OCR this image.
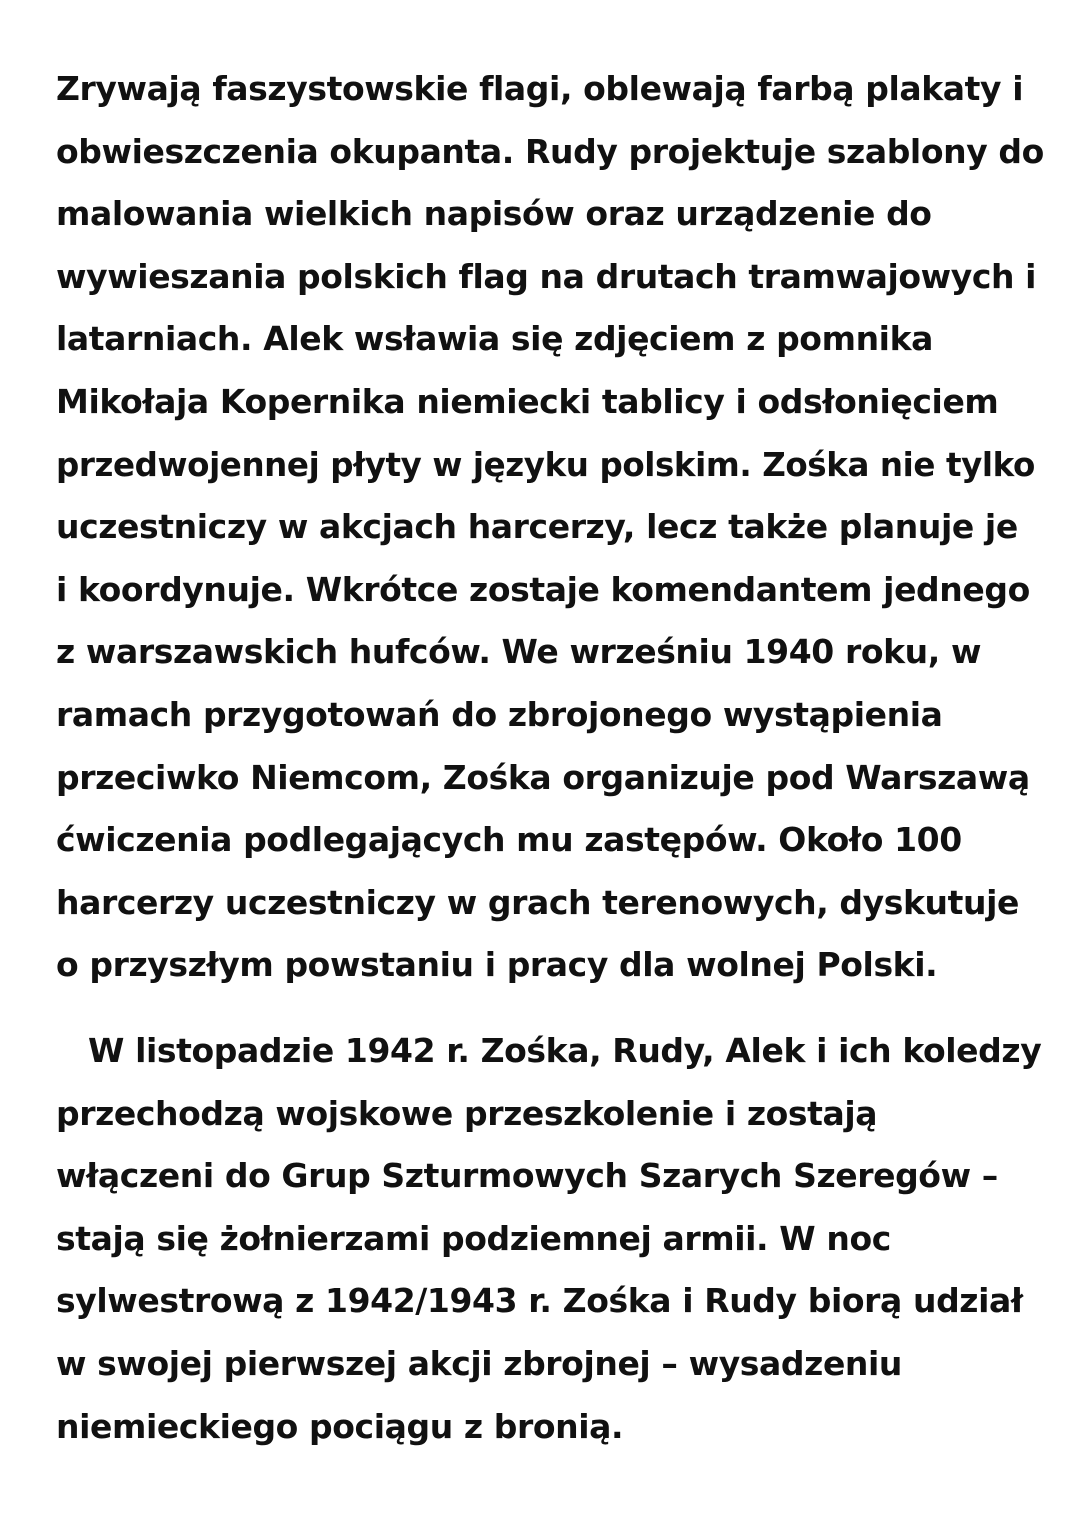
Zrywają faszystowskie flagi, oblewają farbą plakaty i
obwieszczenia okupanta. Rudy projektuje szablony do
malowania wielkich napisów oraz urządzenie do
wywieszania polskich flag na drutach tramwajowych i
latarniach. Alek wsławia się zdjęciem z pomnika
Mikołaja Kopernika niemiecki tablicy i odsłonięciem
przedwojennej płyty w języku polskim. Zośka nie tylko
uczestniczy w akcjach harcerzy, lecz także planuje je
i koordynuje. Wkrótce zostaje komendantem jednego
z warszawskich hufców. We wrześniu 1940 roku, w
ramach przygotowań do zbrojonego wystąpienia
przeciwko Niemcom, Zośka organizuje pod Warszawą
ćwiczenia podlegających mu zastępów. Około 100
harcerzy uczestniczy w grach terenowych, dyskutuje
o przyszłym powstaniu i pracy dla wolnej Polski.

W listopadzie 1942 r. Zośka, Rudy, Alek i ich koledzy
przechodzą wojskowe przeszkolenie i zostają
włączeni do Grup Szturmowych Szarych Szeregów –
stają się żołnierzami podziemnej armii. W noc
sylwestrową z 1942/1943 r. Zośka i Rudy biorą udział
w swojej pierwszej akcji zbrojnej – wysadzeniu
niemieckiego pociągu z bronią.
